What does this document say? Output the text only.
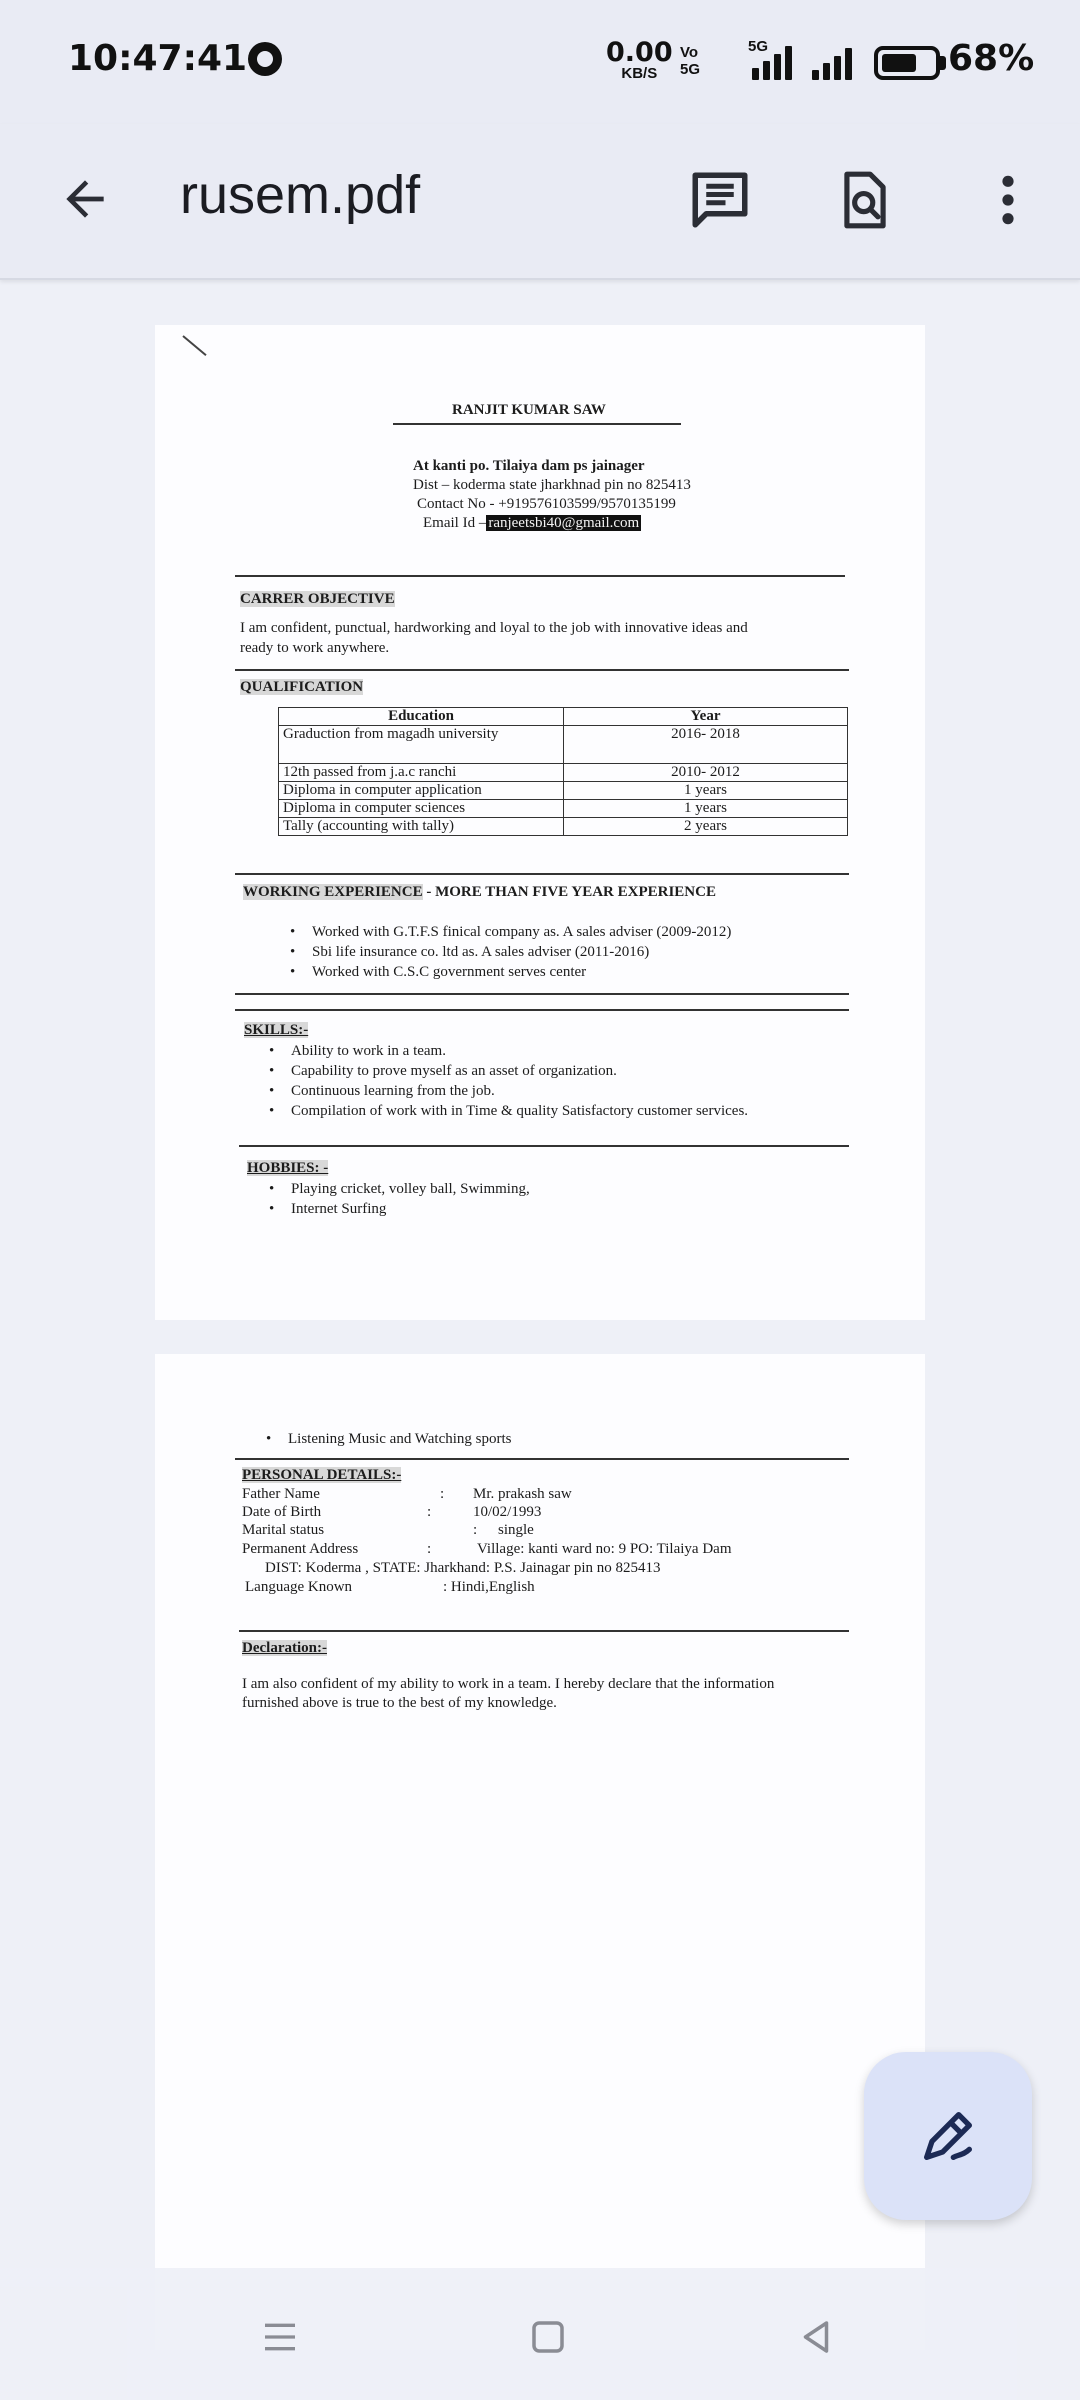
10:47:41	0.00
KB/S
Vo
5G
5G	68%
rusem.pdf
RANJIT KUMAR SAW
At kanti po. Tilaiya dam ps jainager
Dist – koderma state jharkhnad pin no 825413
Contact No - +919576103599/9570135199
Email Id – ranjeetsbi40@gmail.com
CARRER OBJECTIVE
I am confident, punctual, hardworking and loyal to the job with innovative ideas and
ready to work anywhere.
QUALIFICATION
Education	Year
Graduction from magadh university	2016- 2018
12th passed from j.a.c ranchi	2010- 2012
Diploma in computer application	1 years
Diploma in computer sciences	1 years
Tally (accounting with tally)	2 years
WORKING EXPERIENCE - MORE THAN FIVE YEAR EXPERIENCE
• Worked with G.T.F.S finical company as. A sales adviser (2009-2012)
• Sbi life insurance co. ltd as. A sales adviser (2011-2016)
• Worked with C.S.C government serves center
SKILLS:-
• Ability to work in a team.
• Capability to prove myself as an asset of organization.
• Continuous learning from the job.
• Compilation of work with in Time & quality Satisfactory customer services.
HOBBIES: -
• Playing cricket, volley ball, Swimming,
• Internet Surfing
• Listening Music and Watching sports
PERSONAL DETAILS:-
Father Name	: Mr. prakash saw
Date of Birth	:	10/02/1993
Marital status	: single
Permanent Address	:	Village: kanti ward no: 9 PO: Tilaiya Dam
DIST: Koderma , STATE: Jharkhand: P.S. Jainagar pin no 825413
Language Known	: Hindi,English
Declaration:-
I am also confident of my ability to work in a team. I hereby declare that the information
furnished above is true to the best of my knowledge.
